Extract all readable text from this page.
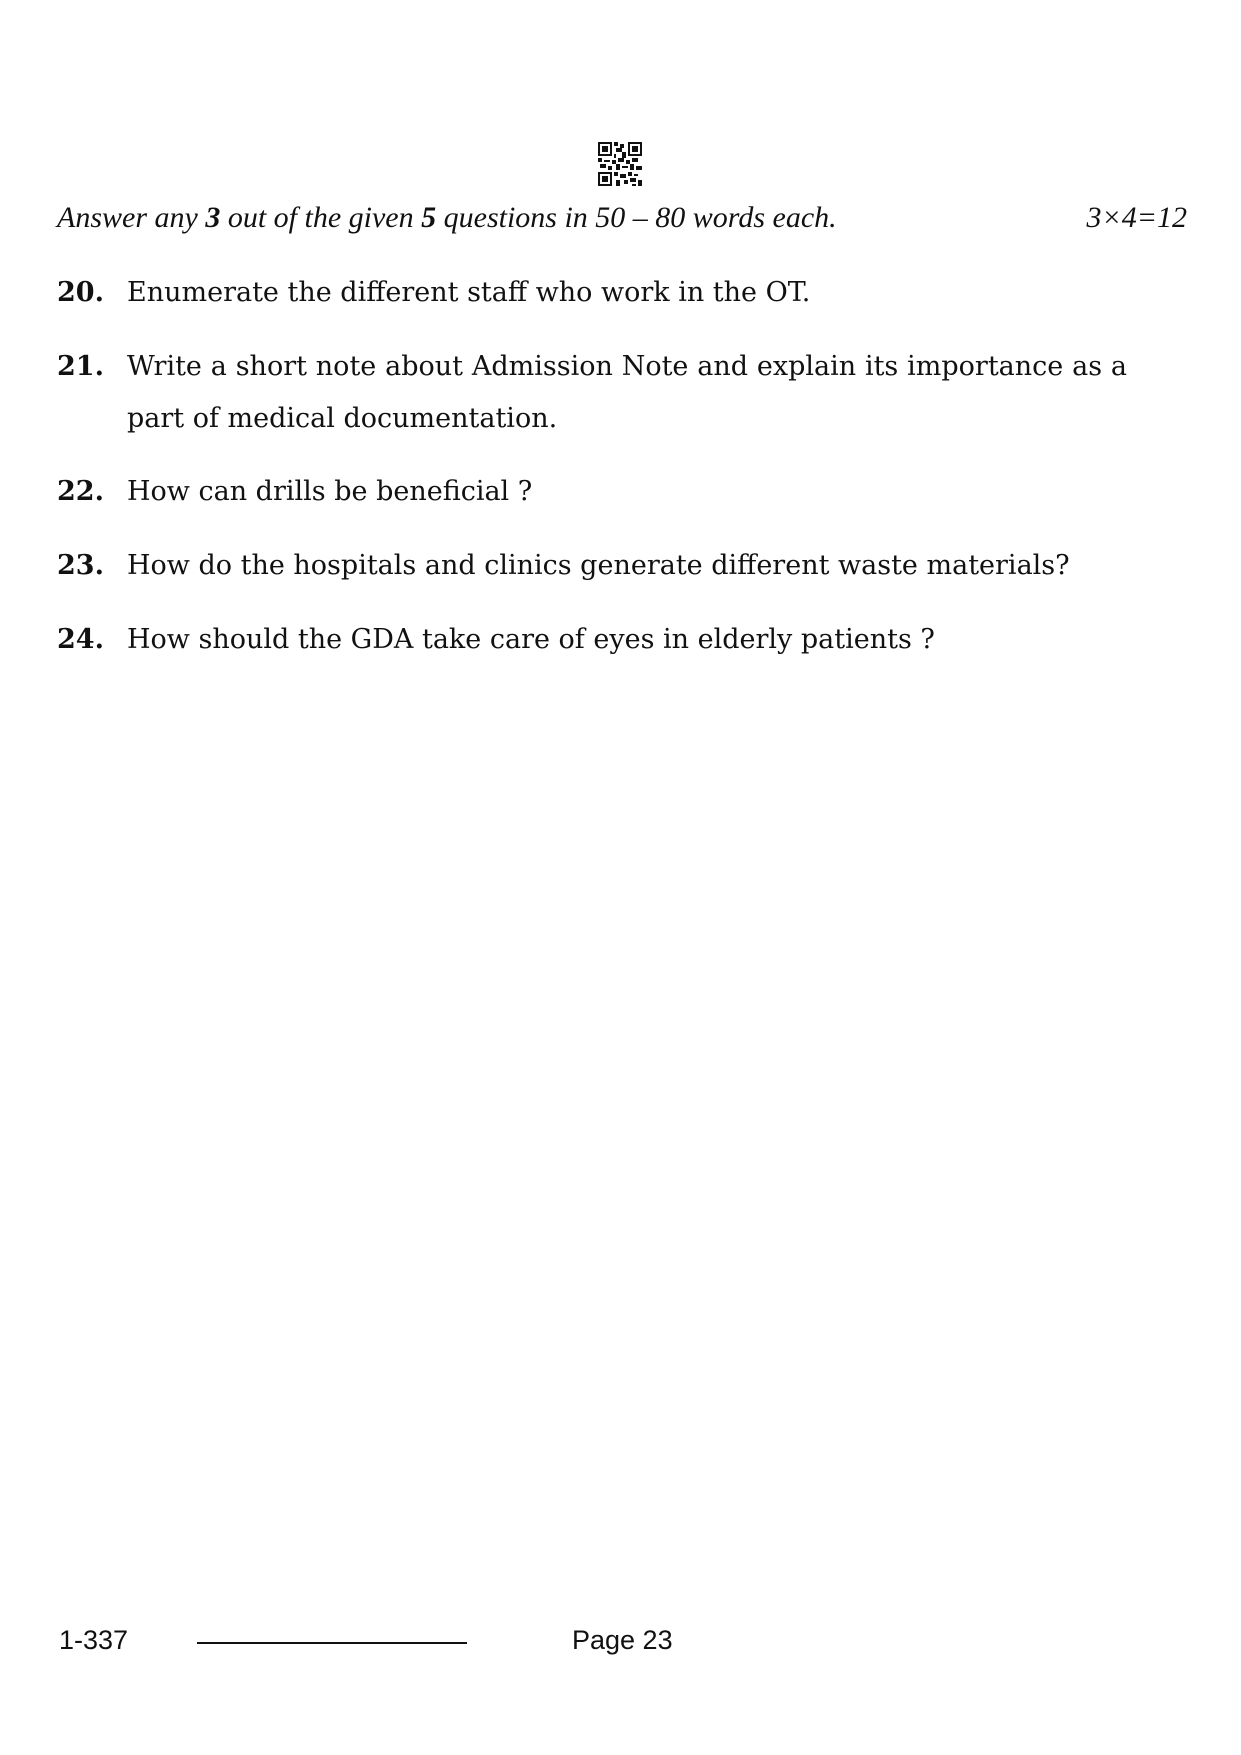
Answer any 3 out of the given 5 questions in 50 – 80 words each.	3×4=12
20. Enumerate the different staff who work in the OT.
21. Write a short note about Admission Note and explain its importance as a part of medical documentation.
22. How can drills be beneficial ?
23. How do the hospitals and clinics generate different waste materials?
24. How should the GDA take care of eyes in elderly patients ?
1-337	Page 23
